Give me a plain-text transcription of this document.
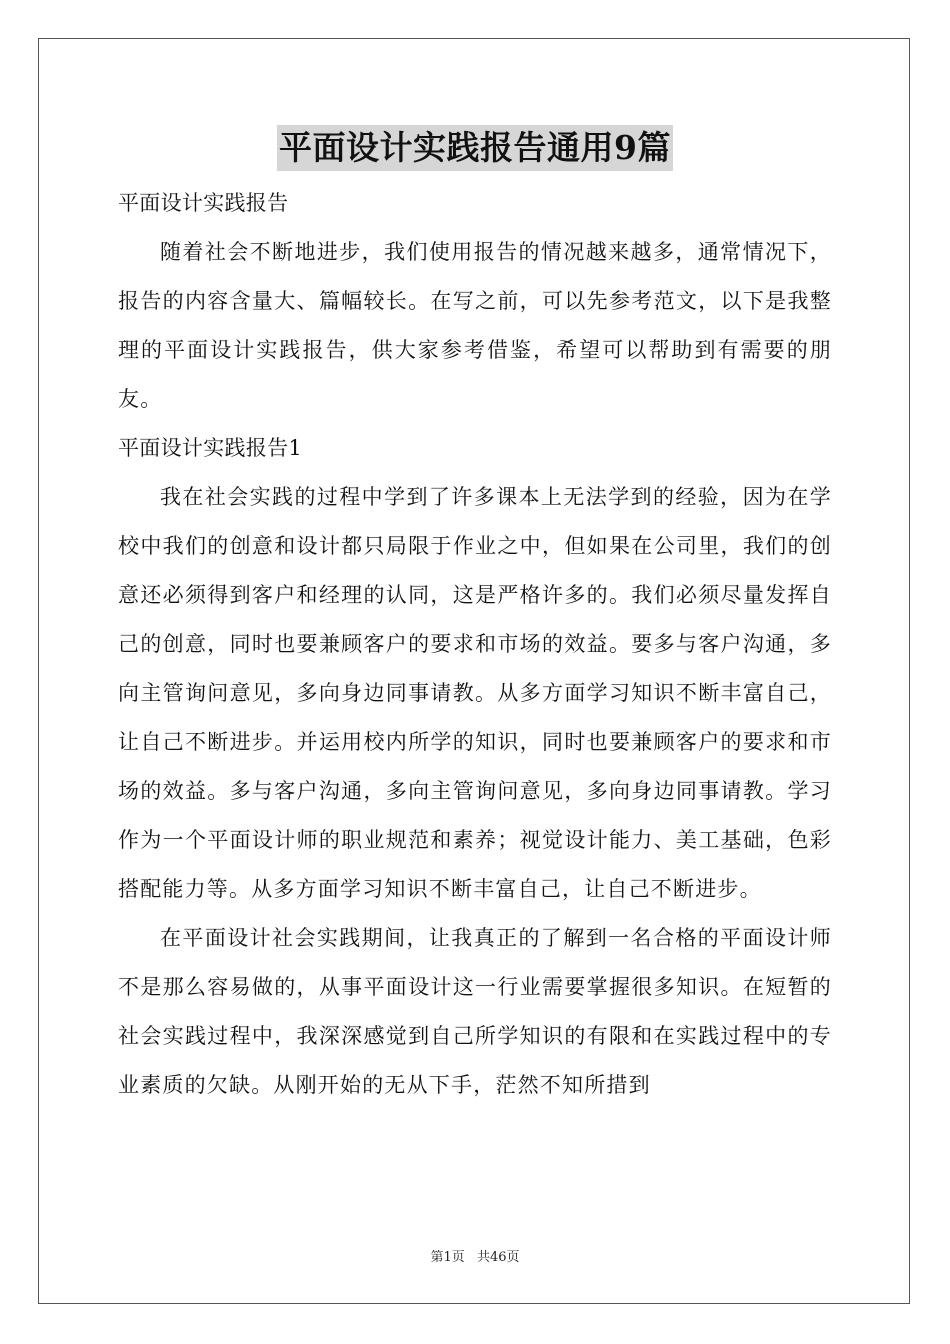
平面设计实践报告通用9篇

平面设计实践报告

随着社会不断地进步，我们使用报告的情况越来越多，通常情况下，报告的内容含量大、篇幅较长。在写之前，可以先参考范文，以下是我整理的平面设计实践报告，供大家参考借鉴，希望可以帮助到有需要的朋友。

平面设计实践报告1

我在社会实践的过程中学到了许多课本上无法学到的经验，因为在学校中我们的创意和设计都只局限于作业之中，但如果在公司里，我们的创意还必须得到客户和经理的认同，这是严格许多的。我们必须尽量发挥自己的创意，同时也要兼顾客户的要求和市场的效益。要多与客户沟通，多向主管询问意见，多向身边同事请教。从多方面学习知识不断丰富自己，让自己不断进步。并运用校内所学的知识，同时也要兼顾客户的要求和市场的效益。多与客户沟通，多向主管询问意见，多向身边同事请教。学习作为一个平面设计师的职业规范和素养；视觉设计能力、美工基础，色彩搭配能力等。从多方面学习知识不断丰富自己，让自己不断进步。

在平面设计社会实践期间，让我真正的了解到一名合格的平面设计师不是那么容易做的，从事平面设计这一行业需要掌握很多知识。在短暂的社会实践过程中，我深深感觉到自己所学知识的有限和在实践过程中的专业素质的欠缺。从刚开始的无从下手，茫然不知所措到

第1页 共46页
